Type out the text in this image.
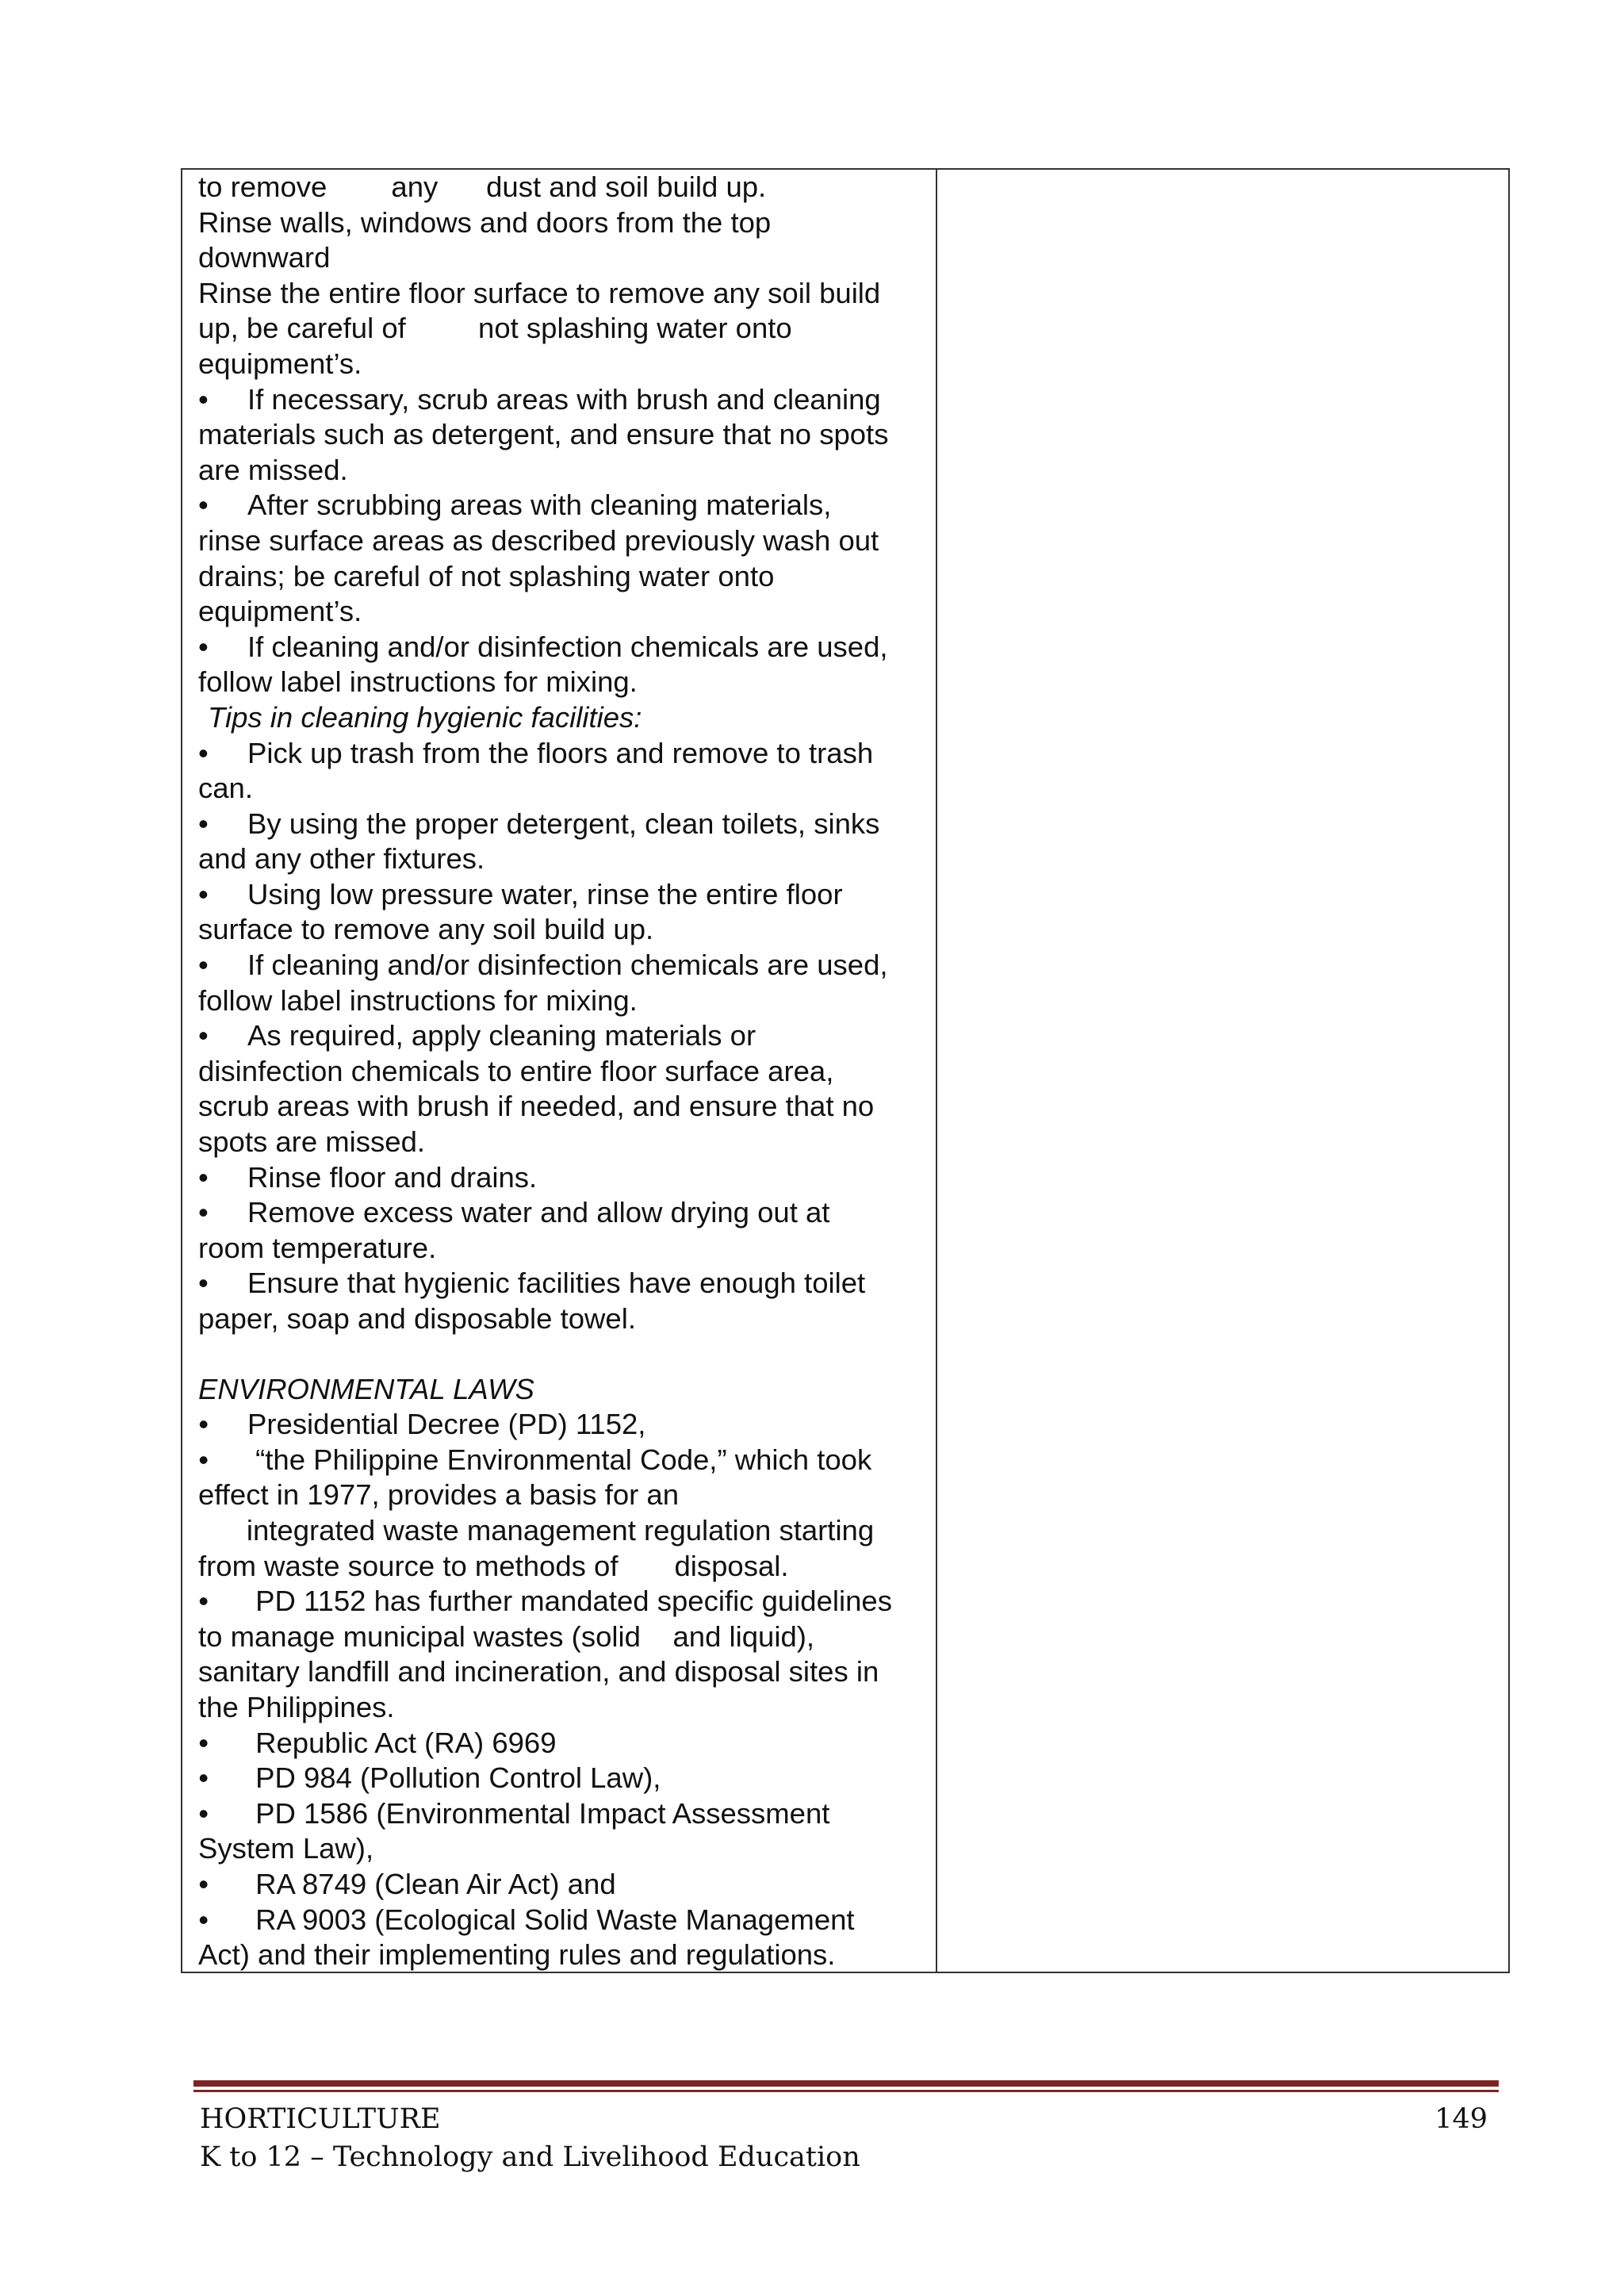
to remove        any      dust and soil build up.
Rinse walls, windows and doors from the top
downward
Rinse the entire floor surface to remove any soil build
up, be careful of         not splashing water onto
equipment’s.
•	If necessary, scrub areas with brush and cleaning
materials such as detergent, and ensure that no spots
are missed.
•	After scrubbing areas with cleaning materials,
rinse surface areas as described previously wash out
drains; be careful of not splashing water onto
equipment’s.
•	If cleaning and/or disinfection chemicals are used,
follow label instructions for mixing.
Tips in cleaning hygienic facilities:
•	Pick up trash from the floors and remove to trash
can.
•	By using the proper detergent, clean toilets, sinks
and any other fixtures.
•	Using low pressure water, rinse the entire floor
surface to remove any soil build up.
•	If cleaning and/or disinfection chemicals are used,
follow label instructions for mixing.
•	As required, apply cleaning materials or
disinfection chemicals to entire floor surface area,
scrub areas with brush if needed, and ensure that no
spots are missed.
•	Rinse floor and drains.
•	Remove excess water and allow drying out at
room temperature.
•	Ensure that hygienic facilities have enough toilet
paper, soap and disposable towel.
ENVIRONMENTAL LAWS
•	Presidential Decree (PD) 1152,
•	“the Philippine Environmental Code,” which took
effect in 1977, provides a basis for an
integrated waste management regulation starting
from waste source to methods of       disposal.
•	PD 1152 has further mandated specific guidelines
to manage municipal wastes (solid    and liquid),
sanitary landfill and incineration, and disposal sites in
the Philippines.
•	Republic Act (RA) 6969
•	PD 984 (Pollution Control Law),
•	PD 1586 (Environmental Impact Assessment
System Law),
•	RA 8749 (Clean Air Act) and
•	RA 9003 (Ecological Solid Waste Management
Act) and their implementing rules and regulations.
HORTICULTURE
K to 12 – Technology and Livelihood Education
149
